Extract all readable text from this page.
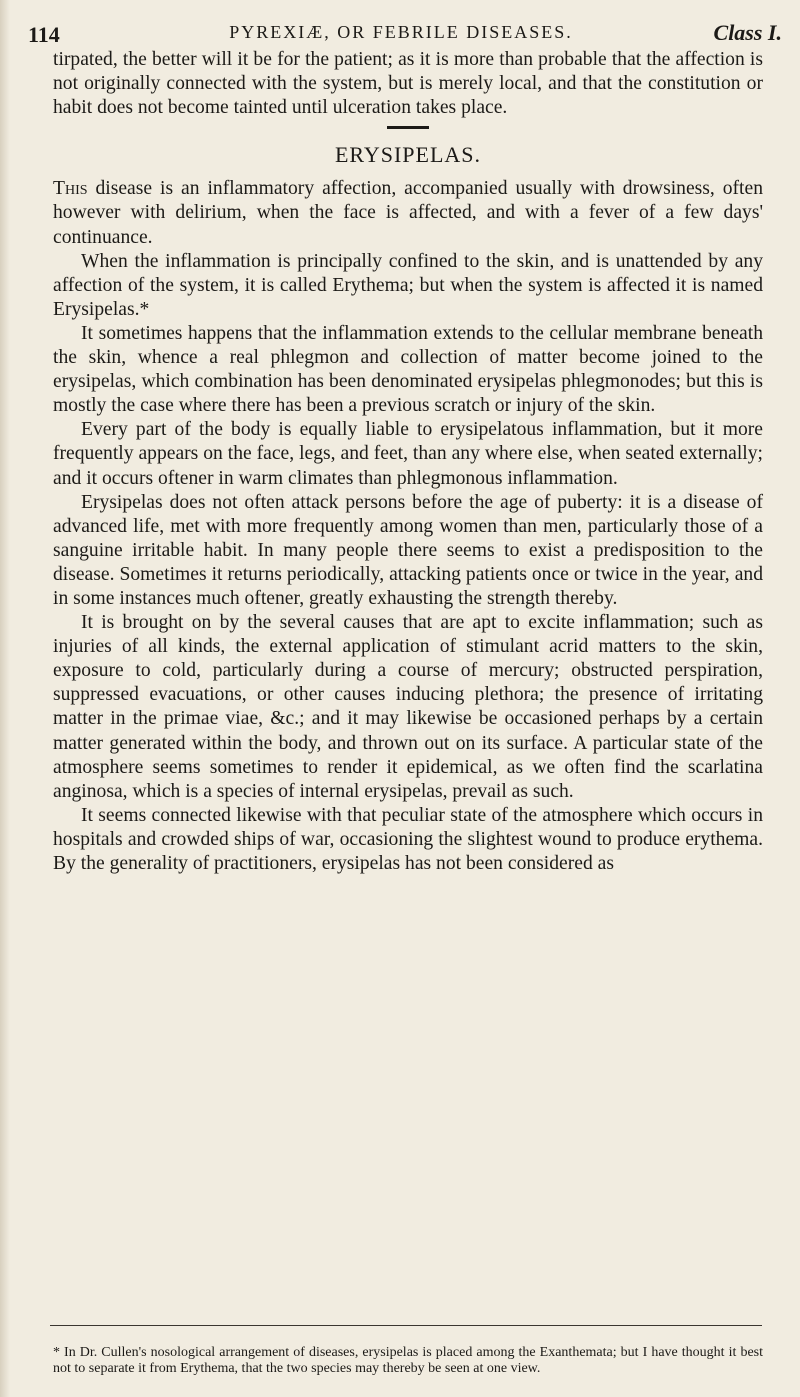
114	PYREXIÆ, OR FEBRILE DISEASES.	Class I.

tirpated, the better will it be for the patient; as it is more than probable that the affection is not originally connected with the system, but is merely local, and that the constitution or habit does not become tainted until ulceration takes place.

ERYSIPELAS.

This disease is an inflammatory affection, accompanied usually with drowsiness, often however with delirium, when the face is affected, and with a fever of a few days' continuance.

When the inflammation is principally confined to the skin, and is unattended by any affection of the system, it is called Erythema; but when the system is affected it is named Erysipelas.*

It sometimes happens that the inflammation extends to the cellular membrane beneath the skin, whence a real phlegmon and collection of matter become joined to the erysipelas, which combination has been denominated erysipelas phlegmonodes; but this is mostly the case where there has been a previous scratch or injury of the skin.

Every part of the body is equally liable to erysipelatous inflammation, but it more frequently appears on the face, legs, and feet, than any where else, when seated externally; and it occurs oftener in warm climates than phlegmonous inflammation.

Erysipelas does not often attack persons before the age of puberty: it is a disease of advanced life, met with more frequently among women than men, particularly those of a sanguine irritable habit. In many people there seems to exist a predisposition to the disease. Sometimes it returns periodically, attacking patients once or twice in the year, and in some instances much oftener, greatly exhausting the strength thereby.

It is brought on by the several causes that are apt to excite inflammation; such as injuries of all kinds, the external application of stimulant acrid matters to the skin, exposure to cold, particularly during a course of mercury; obstructed perspiration, suppressed evacuations, or other causes inducing plethora; the presence of irritating matter in the primae viae, &c.; and it may likewise be occasioned perhaps by a certain matter generated within the body, and thrown out on its surface. A particular state of the atmosphere seems sometimes to render it epidemical, as we often find the scarlatina anginosa, which is a species of internal erysipelas, prevail as such.

It seems connected likewise with that peculiar state of the atmosphere which occurs in hospitals and crowded ships of war, occasioning the slightest wound to produce erythema. By the generality of practitioners, erysipelas has not been considered as

* In Dr. Cullen's nosological arrangement of diseases, erysipelas is placed among the Exanthemata; but I have thought it best not to separate it from Erythema, that the two species may thereby be seen at one view.
